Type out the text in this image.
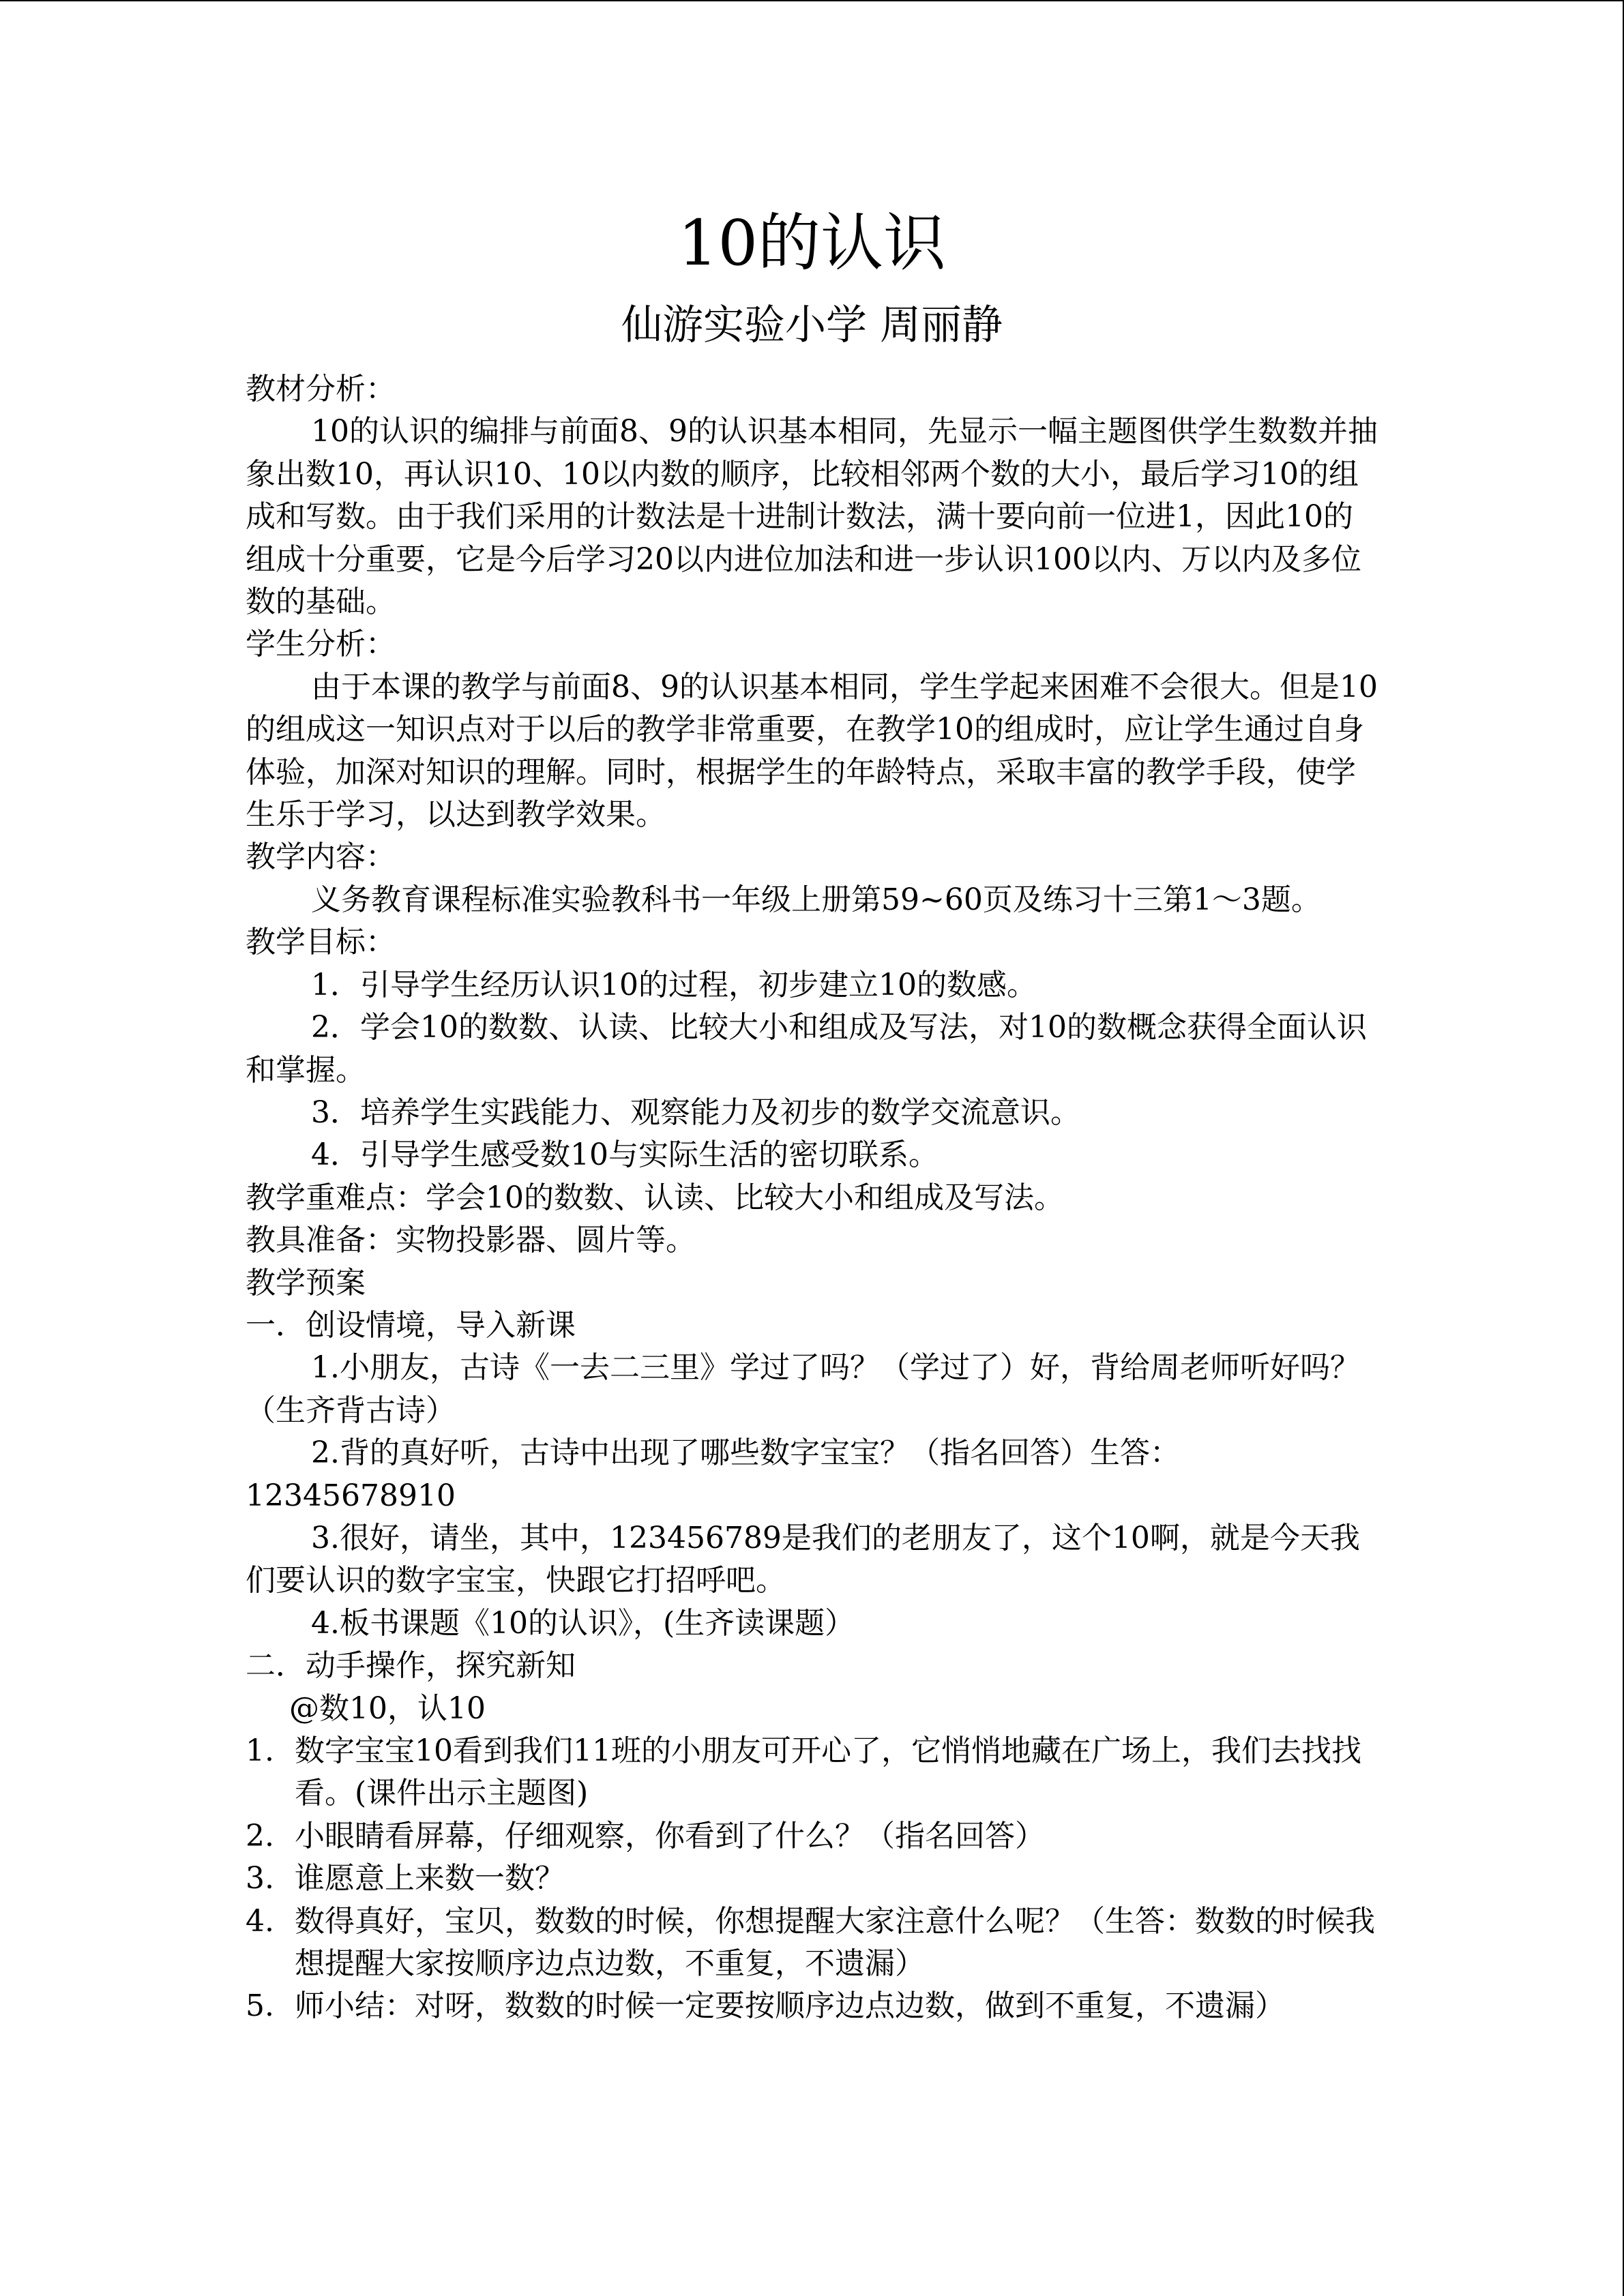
10的认识
仙游实验小学 周丽静

教材分析：

10的认识的编排与前面8、9的认识基本相同，先显示一幅主题图供学生数数并抽象出数10，再认识10、10以内数的顺序，比较相邻两个数的大小，最后学习10的组成和写数。由于我们采用的计数法是十进制计数法，满十要向前一位进1，因此10的组成十分重要，它是今后学习20以内进位加法和进一步认识100以内、万以内及多位数的基础。

学生分析：

由于本课的教学与前面8、9的认识基本相同，学生学起来困难不会很大。但是10的组成这一知识点对于以后的教学非常重要，在教学10的组成时，应让学生通过自身体验，加深对知识的理解。同时，根据学生的年龄特点，采取丰富的教学手段，使学生乐于学习，以达到教学效果。

教学内容：

义务教育课程标准实验教科书一年级上册第59~60页及练习十三第1～3题。

教学目标：

1．引导学生经历认识10的过程，初步建立10的数感。

2．学会10的数数、认读、比较大小和组成及写法，对10的数概念获得全面认识和掌握。

3．培养学生实践能力、观察能力及初步的数学交流意识。

4．引导学生感受数10与实际生活的密切联系。

教学重难点：学会10的数数、认读、比较大小和组成及写法。

教具准备：实物投影器、圆片等。

教学预案

一．创设情境，导入新课

1.小朋友，古诗《一去二三里》学过了吗？（学过了）好，背给周老师听好吗？（生齐背古诗）

2.背的真好听，古诗中出现了哪些数字宝宝？（指名回答）生答：12345678910

3.很好，请坐，其中，123456789是我们的老朋友了，这个10啊，就是今天我们要认识的数字宝宝，快跟它打招呼吧。

4.板书课题《10的认识》，(生齐读课题）

二．动手操作，探究新知

@数10，认10

1. 数字宝宝10看到我们11班的小朋友可开心了，它悄悄地藏在广场上，我们去找找看。(课件出示主题图)
2. 小眼睛看屏幕，仔细观察，你看到了什么？（指名回答）
3. 谁愿意上来数一数？
4. 数得真好，宝贝，数数的时候，你想提醒大家注意什么呢？（生答：数数的时候我想提醒大家按顺序边点边数，不重复，不遗漏）
5. 师小结：对呀，数数的时候一定要按顺序边点边数，做到不重复，不遗漏）
